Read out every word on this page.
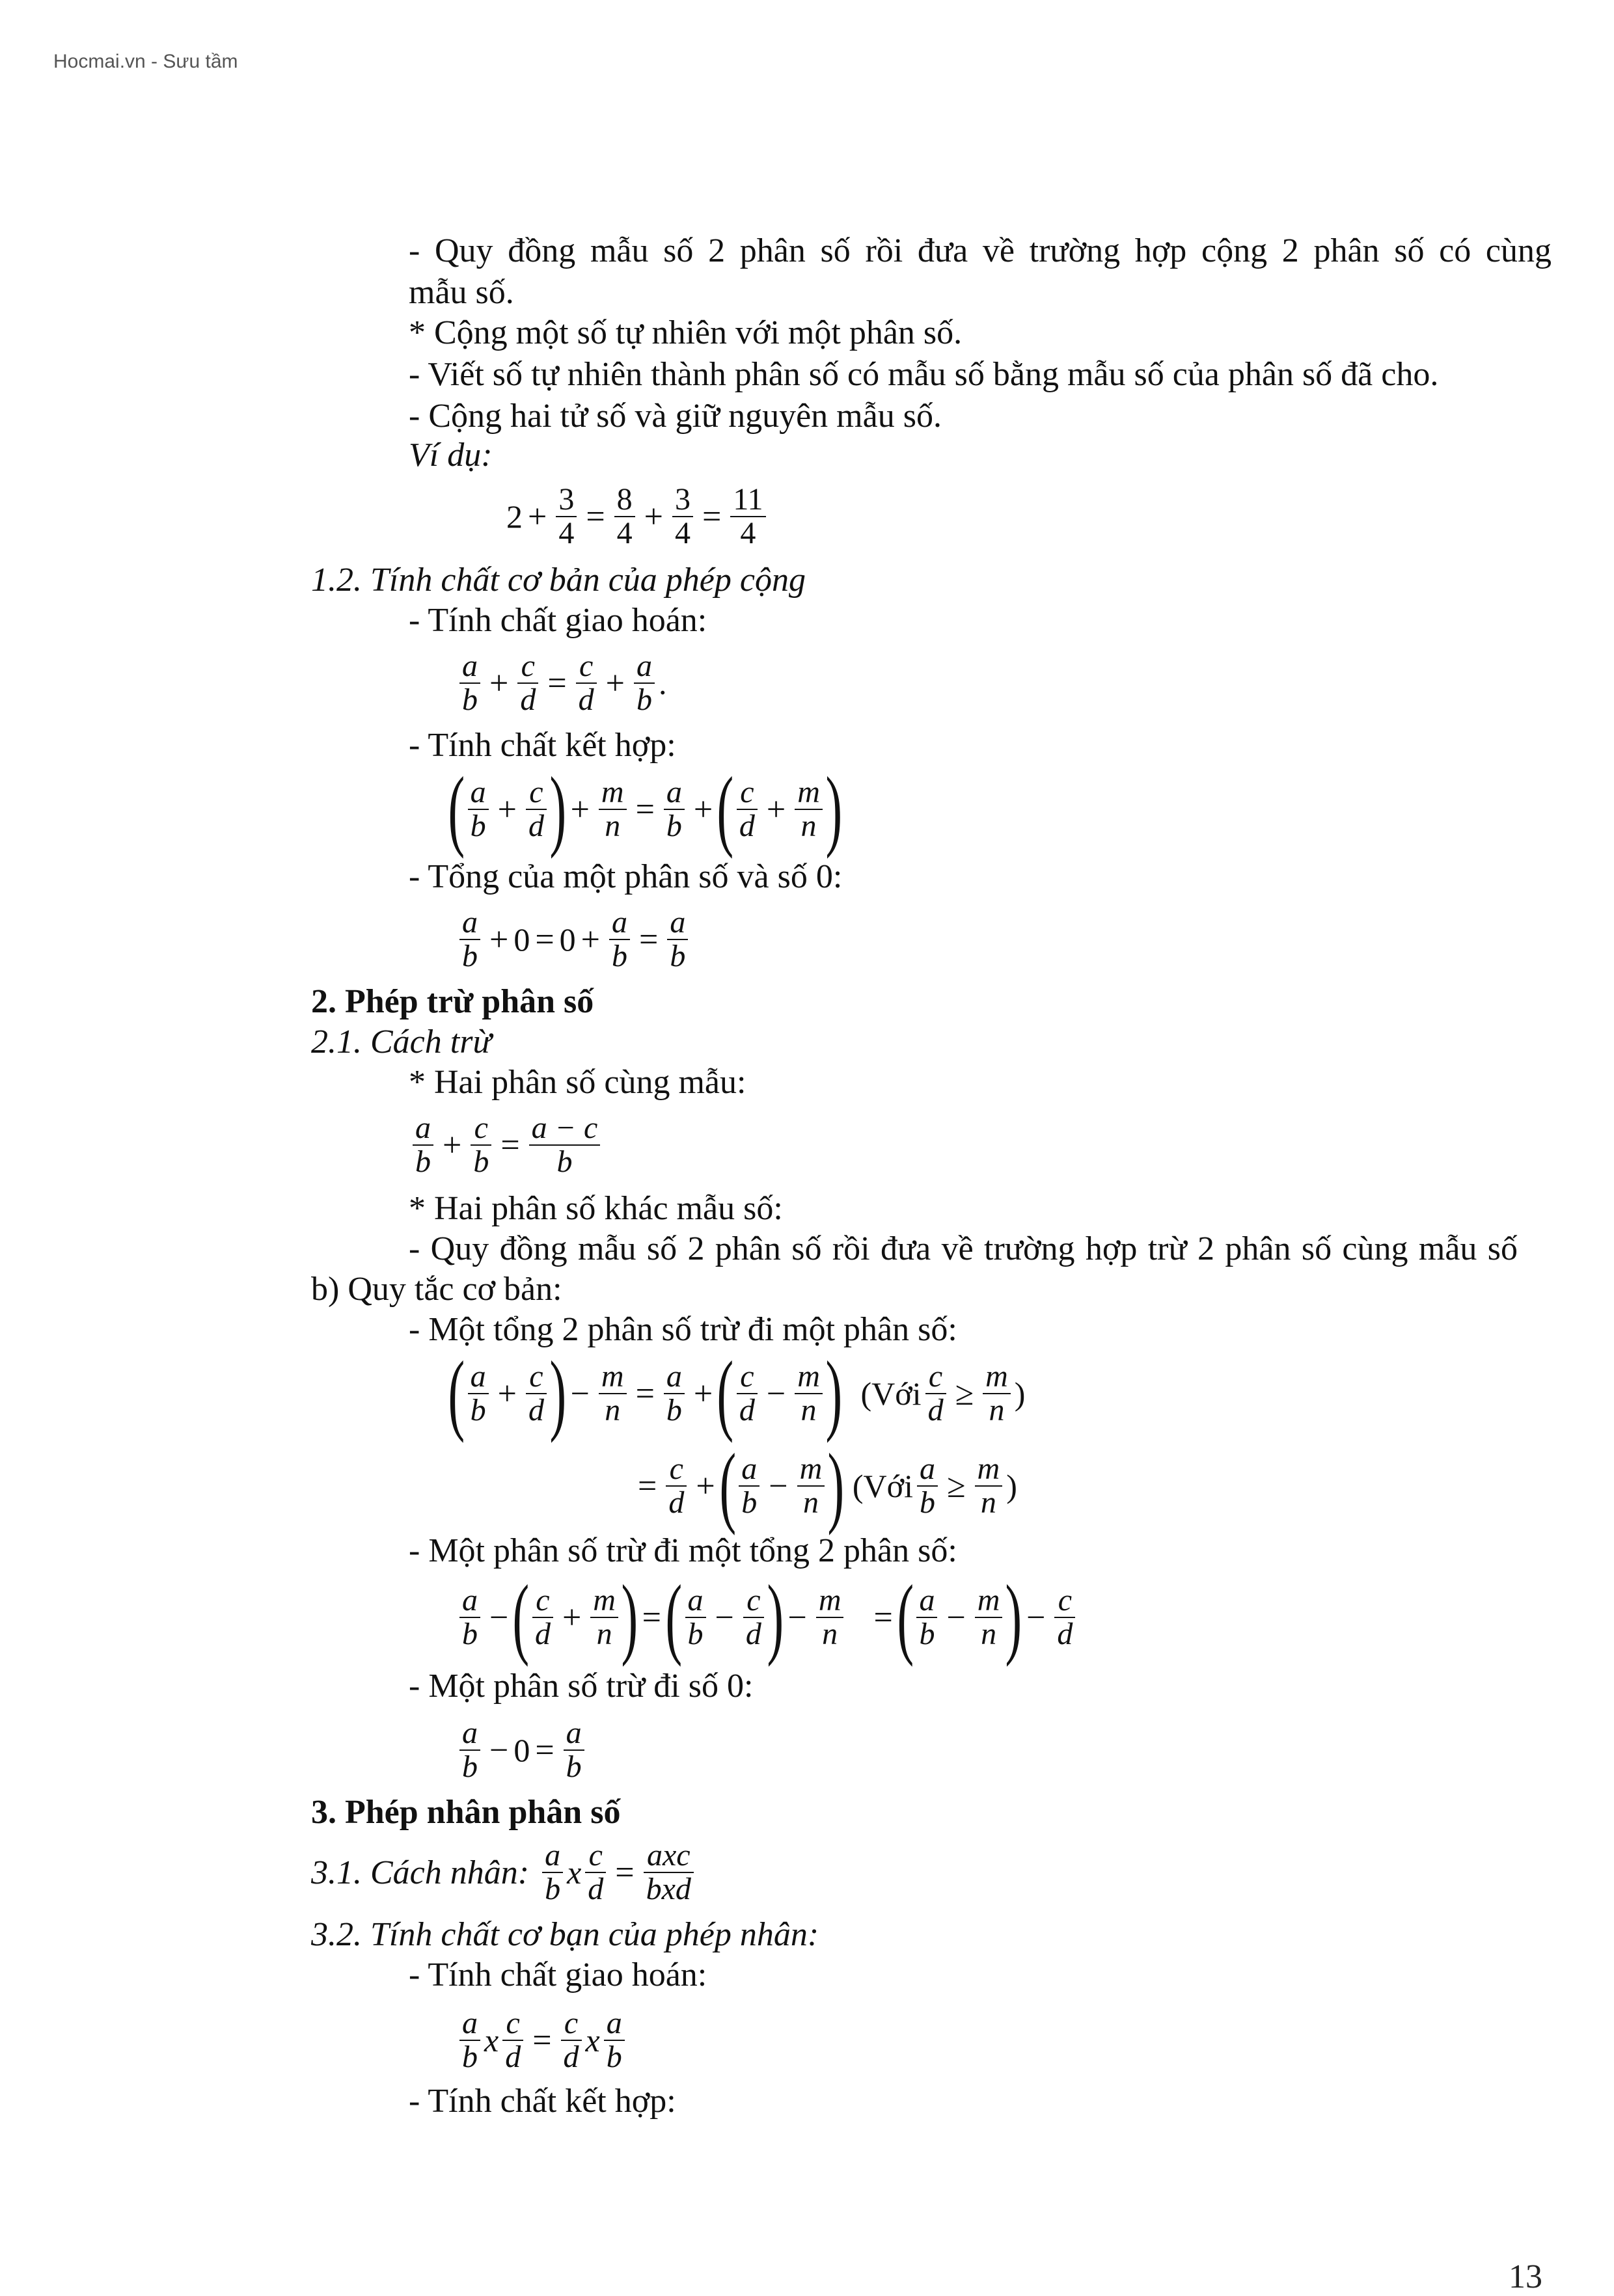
Hocmai.vn - Sưu tầm
- Quy đồng mẫu số 2 phân số rồi đưa về trường hợp cộng 2 phân số có cùng
mẫu số.
* Cộng một số tự nhiên với một phân số.
- Viết số tự nhiên thành phân số có mẫu số bằng mẫu số của phân số đã cho.
- Cộng hai tử số và giữ nguyên mẫu số.
Ví dụ:
2 + 3
4 = 8
4 + 3
4 = 11
4
1.2. Tính chất cơ bản của phép cộng
- Tính chất giao hoán:
a
b + c
d = c
d + a
b .
- Tính chất kết hợp:
( a
b + c
d ) + m
n = a
b + ( c
d + m
n )
- Tổng của một phân số và số 0:
a
b + 0 = 0 + a
b = a
b
2. Phép trừ phân số
2.1. Cách trừ
* Hai phân số cùng mẫu:
a
b + c
b = a − c
b
* Hai phân số khác mẫu số:
- Quy đồng mẫu số 2 phân số rồi đưa về trường hợp trừ 2 phân số cùng mẫu số
b) Quy tắc cơ bản:
- Một tổng 2 phân số trừ đi một phân số:
( a
b + c
d ) − m
n = a
b + ( c
d − m
n ) (Với c
d ≥ m
n )
= c
d + ( a
b − m
n ) (Với a
b ≥ m
n )
- Một phân số trừ đi một tổng 2 phân số:
a
b − ( c
d + m
n ) = ( a
b − c
d ) − m
n = ( a
b − m
n ) − c
d
- Một phân số trừ đi số 0:
a
b − 0 = a
b
3. Phép nhân phân số
3.1. Cách nhân: a
b x c
d = axc
bxd
3.2. Tính chất cơ bạn của phép nhân:
- Tính chất giao hoán:
a
b x c
d = c
d x a
b
- Tính chất kết hợp:
13
